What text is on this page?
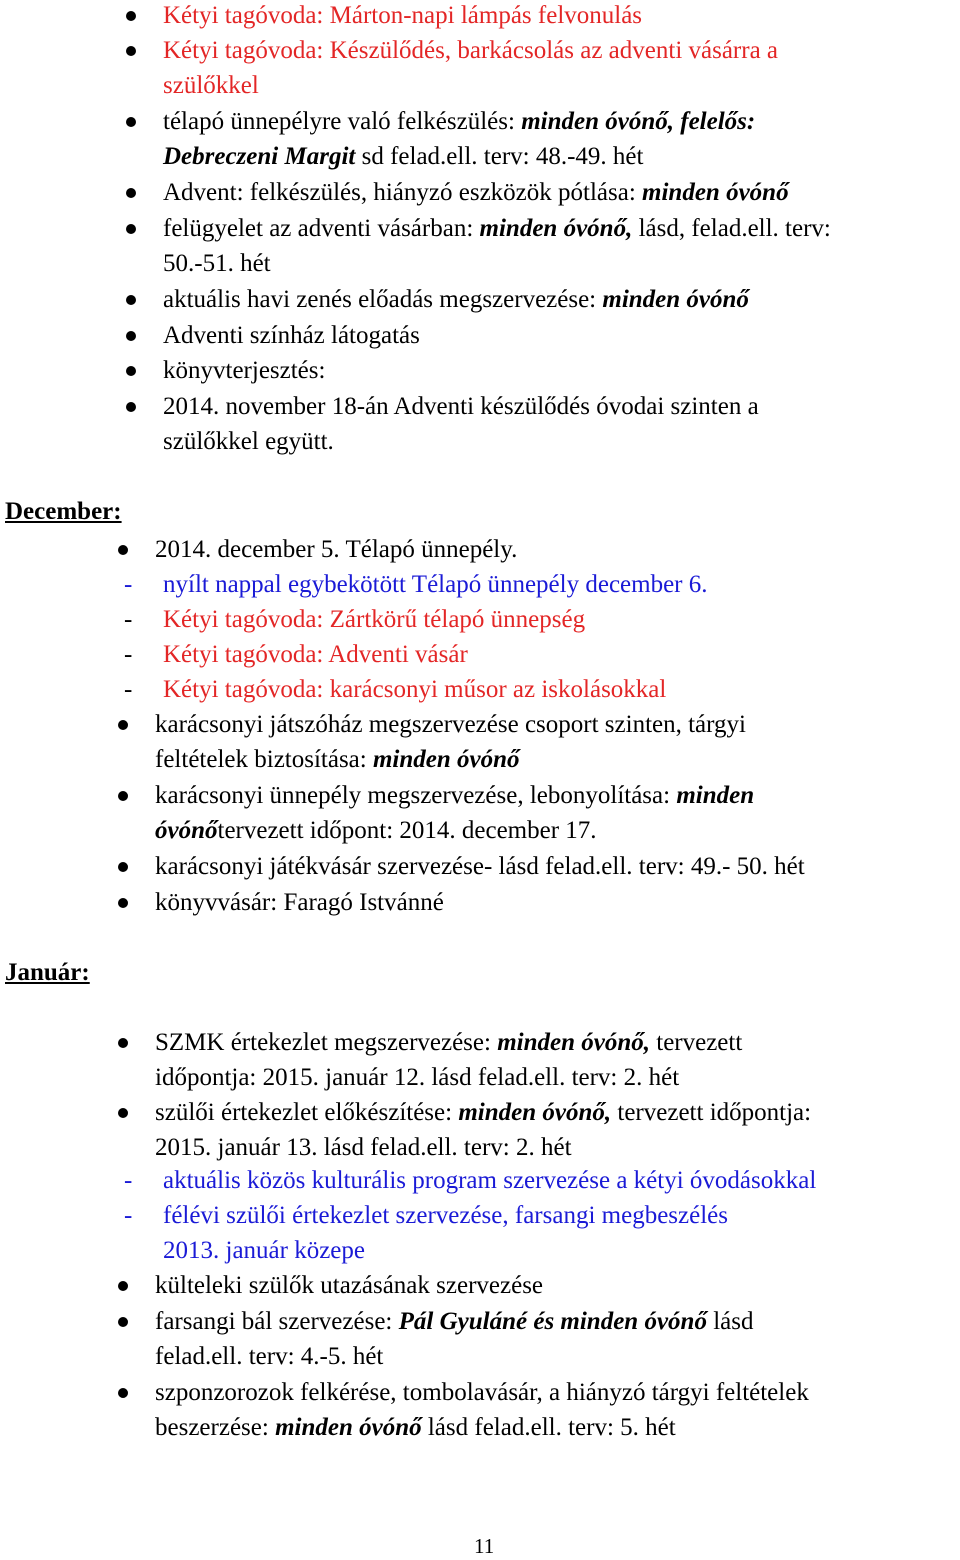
Kétyi tagóvoda: Márton-napi lámpás felvonulás
Kétyi tagóvoda: Készülődés, barkácsolás az adventi vásárra a
szülőkkel
télapó ünnepélyre való felkészülés: minden óvónő, felelős:
Debreczeni Margit sd felad.ell. terv: 48.-49. hét
Advent: felkészülés, hiányzó eszközök pótlása: minden óvónő
felügyelet az adventi vásárban: minden óvónő, lásd, felad.ell. terv:
50.-51. hét
aktuális havi zenés előadás megszervezése: minden óvónő
Adventi színház látogatás
könyvterjesztés:
2014. november 18-án Adventi készülődés óvodai szinten a
szülőkkel együtt.
December:
2014. december 5. Télapó ünnepély.
- nyílt nappal egybekötött Télapó ünnepély december 6.
- Kétyi tagóvoda: Zártkörű télapó ünnepség
- Kétyi tagóvoda: Adventi vásár
- Kétyi tagóvoda: karácsonyi műsor az iskolásokkal
karácsonyi játszóház megszervezése csoport szinten, tárgyi
feltételek biztosítása: minden óvónő
karácsonyi ünnepély megszervezése, lebonyolítása: minden
óvónőtervezett időpont: 2014. december 17.
karácsonyi játékvásár szervezése- lásd felad.ell. terv: 49.- 50. hét
könyvvásár: Faragó Istvánné
Január:
SZMK értekezlet megszervezése: minden óvónő, tervezett
időpontja: 2015. január 12. lásd felad.ell. terv: 2. hét
szülői értekezlet előkészítése: minden óvónő, tervezett időpontja:
2015. január 13. lásd felad.ell. terv: 2. hét
- aktuális közös kulturális program szervezése a kétyi óvodásokkal
- félévi szülői értekezlet szervezése, farsangi megbeszélés
2013. január közepe
külteleki szülők utazásának szervezése
farsangi bál szervezése: Pál Gyuláné és minden óvónő lásd
felad.ell. terv: 4.-5. hét
szponzorozok felkérése, tombolavásár, a hiányzó tárgyi feltételek
beszerzése: minden óvónő lásd felad.ell. terv: 5. hét
11
